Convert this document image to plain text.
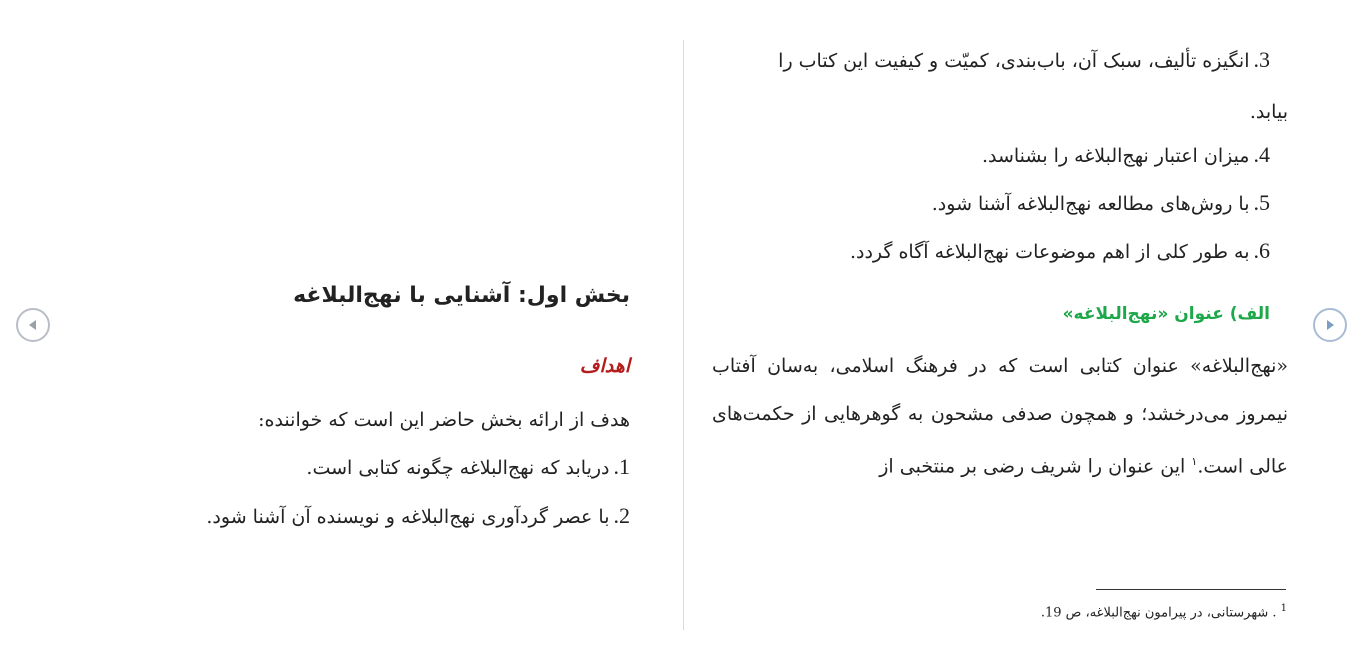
بخش اول: آشنایی با نهج‌البلاغه
اهداف
هدف از ارائه بخش حاضر این است که خواننده:
1.دریابد که نهج‌البلاغه چگونه کتابی است.
2.با عصر گردآوری نهج‌البلاغه و نویسنده آن آشنا شود.
3.انگیزه تألیف، سبک آن، باب‌بندی، کمیّت و کیفیت این کتاب را
بیابد.
4.میزان اعتبار نهج‌البلاغه را بشناسد.
5.با روش‌های مطالعه نهج‌البلاغه آشنا شود.
6.به طور کلی از اهم موضوعات نهج‌البلاغه آگاه گردد.
الف) عنوان «نهج‌البلاغه»
«نهج‌البلاغه» عنوان کتابی است که در فرهنگ اسلامی، به‌سان آفتاب نیمروز می‌درخشد؛ و همچون صدفی مشحون به گوهرهایی از حکمت‌های عالی است.$^۱$ این عنوان را شریف رضی بر منتخبی از
$^1$ . شهرستانی، در پیرامون نهج‌البلاغه، ص 19.
